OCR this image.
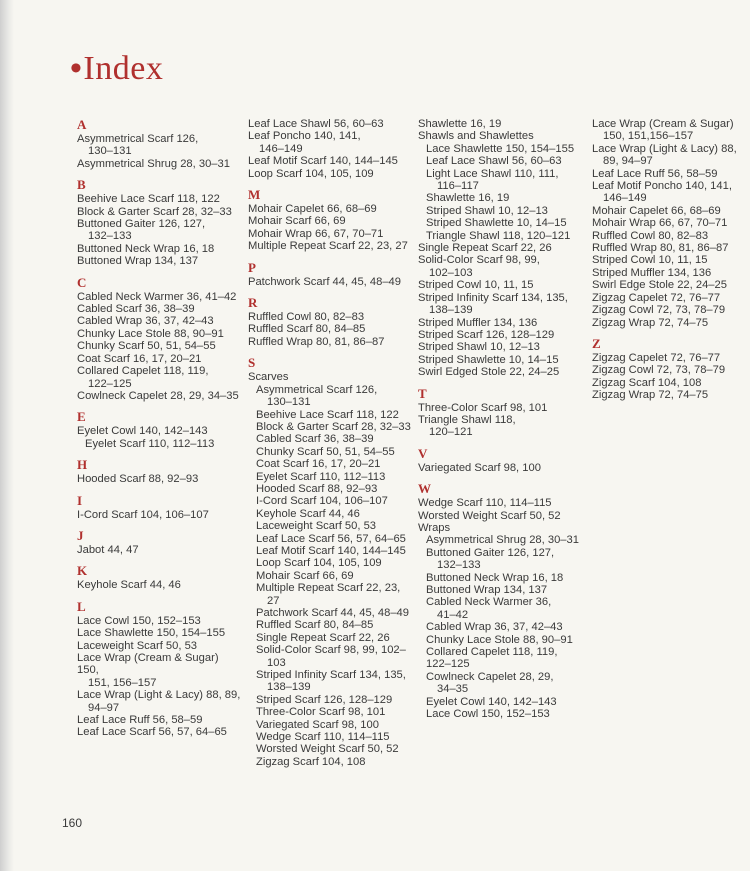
•Index
A
Asymmetrical Scarf 126,
130–131
Asymmetrical Shrug 28, 30–31
B
Beehive Lace Scarf 118, 122
Block & Garter Scarf 28, 32–33
Buttoned Gaiter 126, 127,
132–133
Buttoned Neck Wrap 16, 18
Buttoned Wrap 134, 137
C
Cabled Neck Warmer 36, 41–42
Cabled Scarf 36, 38–39
Cabled Wrap 36, 37, 42–43
Chunky Lace Stole 88, 90–91
Chunky Scarf 50, 51, 54–55
Coat Scarf 16, 17, 20–21
Collared Capelet 118, 119,
122–125
Cowlneck Capelet 28, 29, 34–35
E
Eyelet Cowl 140, 142–143
Eyelet Scarf 110, 112–113
H
Hooded Scarf 88, 92–93
I
I-Cord Scarf 104, 106–107
J
Jabot 44, 47
K
Keyhole Scarf 44, 46
L
Lace Cowl 150, 152–153
Lace Shawlette 150, 154–155
Laceweight Scarf 50, 53
Lace Wrap (Cream & Sugar) 150,
151, 156–157
Lace Wrap (Light & Lacy) 88, 89,
94–97
Leaf Lace Ruff 56, 58–59
Leaf Lace Scarf 56, 57, 64–65
Leaf Lace Shawl 56, 60–63
Leaf Poncho 140, 141,
146–149
Leaf Motif Scarf 140, 144–145
Loop Scarf 104, 105, 109
M
Mohair Capelet 66, 68–69
Mohair Scarf 66, 69
Mohair Wrap 66, 67, 70–71
Multiple Repeat Scarf 22, 23, 27
P
Patchwork Scarf 44, 45, 48–49
R
Ruffled Cowl 80, 82–83
Ruffled Scarf 80, 84–85
Ruffled Wrap 80, 81, 86–87
S
Scarves
Asymmetrical Scarf 126,
130–131
Beehive Lace Scarf 118, 122
Block & Garter Scarf 28, 32–33
Cabled Scarf 36, 38–39
Chunky Scarf 50, 51, 54–55
Coat Scarf 16, 17, 20–21
Eyelet Scarf 110, 112–113
Hooded Scarf 88, 92–93
I-Cord Scarf 104, 106–107
Keyhole Scarf 44, 46
Laceweight Scarf 50, 53
Leaf Lace Scarf 56, 57, 64–65
Leaf Motif Scarf 140, 144–145
Loop Scarf 104, 105, 109
Mohair Scarf 66, 69
Multiple Repeat Scarf 22, 23,
27
Patchwork Scarf 44, 45, 48–49
Ruffled Scarf 80, 84–85
Single Repeat Scarf 22, 26
Solid-Color Scarf 98, 99, 102–
103
Striped Infinity Scarf 134, 135,
138–139
Striped Scarf 126, 128–129
Three-Color Scarf 98, 101
Variegated Scarf 98, 100
Wedge Scarf 110, 114–115
Worsted Weight Scarf 50, 52
Zigzag Scarf 104, 108
Shawlette 16, 19
Shawls and Shawlettes
Lace Shawlette 150, 154–155
Leaf Lace Shawl 56, 60–63
Light Lace Shawl 110, 111,
116–117
Shawlette 16, 19
Striped Shawl 10, 12–13
Striped Shawlette 10, 14–15
Triangle Shawl 118, 120–121
Single Repeat Scarf 22, 26
Solid-Color Scarf 98, 99,
102–103
Striped Cowl 10, 11, 15
Striped Infinity Scarf 134, 135,
138–139
Striped Muffler 134, 136
Striped Scarf 126, 128–129
Striped Shawl 10, 12–13
Striped Shawlette 10, 14–15
Swirl Edged Stole 22, 24–25
T
Three-Color Scarf 98, 101
Triangle Shawl 118,
120–121
V
Variegated Scarf 98, 100
W
Wedge Scarf 110, 114–115
Worsted Weight Scarf 50, 52
Wraps
Asymmetrical Shrug 28, 30–31
Buttoned Gaiter 126, 127,
132–133
Buttoned Neck Wrap 16, 18
Buttoned Wrap 134, 137
Cabled Neck Warmer 36,
41–42
Cabled Wrap 36, 37, 42–43
Chunky Lace Stole 88, 90–91
Collared Capelet 118, 119,
122–125
Cowlneck Capelet 28, 29,
34–35
Eyelet Cowl 140, 142–143
Lace Cowl 150, 152–153
Lace Wrap (Cream & Sugar)
150, 151,156–157
Lace Wrap (Light & Lacy) 88,
89, 94–97
Leaf Lace Ruff 56, 58–59
Leaf Motif Poncho 140, 141,
146–149
Mohair Capelet 66, 68–69
Mohair Wrap 66, 67, 70–71
Ruffled Cowl 80, 82–83
Ruffled Wrap 80, 81, 86–87
Striped Cowl 10, 11, 15
Striped Muffler 134, 136
Swirl Edge Stole 22, 24–25
Zigzag Capelet 72, 76–77
Zigzag Cowl 72, 73, 78–79
Zigzag Wrap 72, 74–75
Z
Zigzag Capelet 72, 76–77
Zigzag Cowl 72, 73, 78–79
Zigzag Scarf 104, 108
Zigzag Wrap 72, 74–75
160
